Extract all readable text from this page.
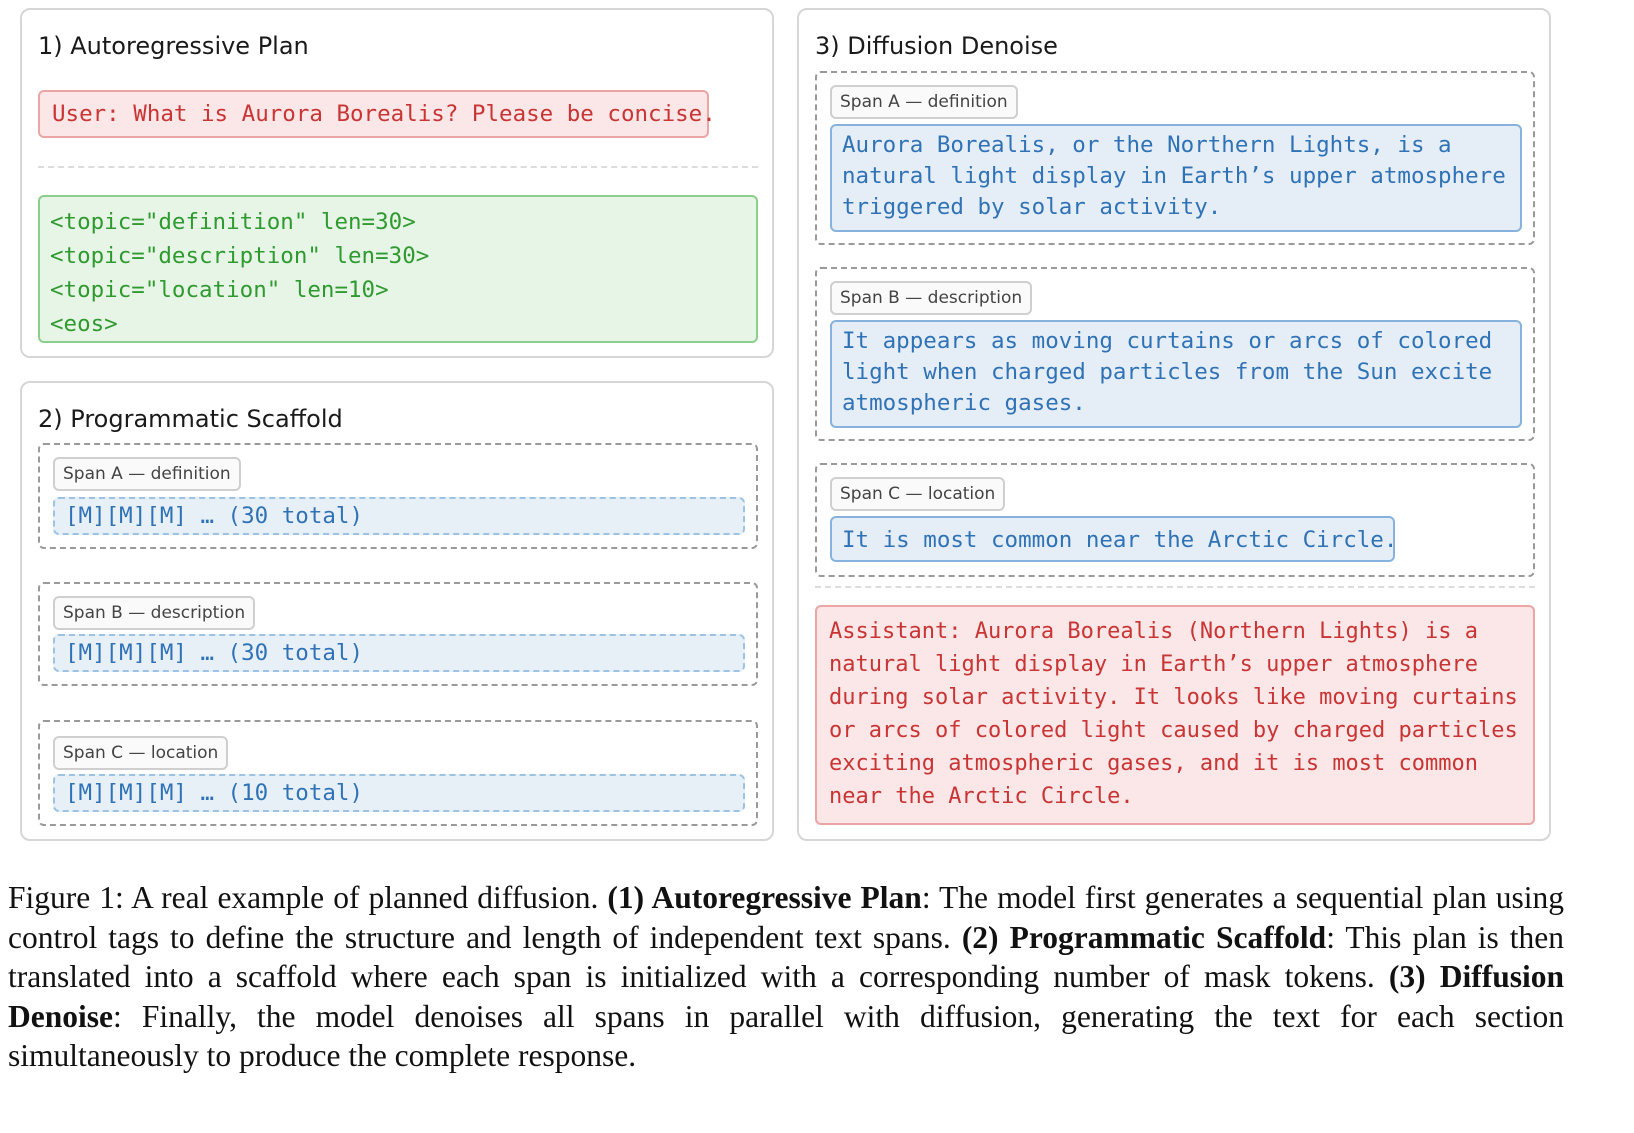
1) Autoregressive Plan
User: What is Aurora Borealis? Please be concise.
<topic="definition" len=30>
<topic="description" len=30>
<topic="location" len=10>
<eos>
2) Programmatic Scaffold
Span A — definition
[M][M][M] … (30 total)
Span B — description
[M][M][M] … (30 total)
Span C — location
[M][M][M] … (10 total)
3) Diffusion Denoise
Span A — definition
Aurora Borealis, or the Northern Lights, is a
natural light display in Earth’s upper atmosphere
triggered by solar activity.
Span B — description
It appears as moving curtains or arcs of colored
light when charged particles from the Sun excite
atmospheric gases.
Span C — location
It is most common near the Arctic Circle.
Assistant: Aurora Borealis (Northern Lights) is a
natural light display in Earth’s upper atmosphere
during solar activity. It looks like moving curtains
or arcs of colored light caused by charged particles
exciting atmospheric gases, and it is most common
near the Arctic Circle.
Figure 1: A real example of planned diffusion. (1) Autoregressive Plan: The model first generates a sequential plan using control tags to define the structure and length of independent text spans. (2) Programmatic Scaffold: This plan is then translated into a scaffold where each span is initialized with a corresponding number of mask tokens. (3) Diffusion Denoise: Finally, the model denoises all spans in parallel with diffusion, generating the text for each section simultaneously to produce the complete response.
